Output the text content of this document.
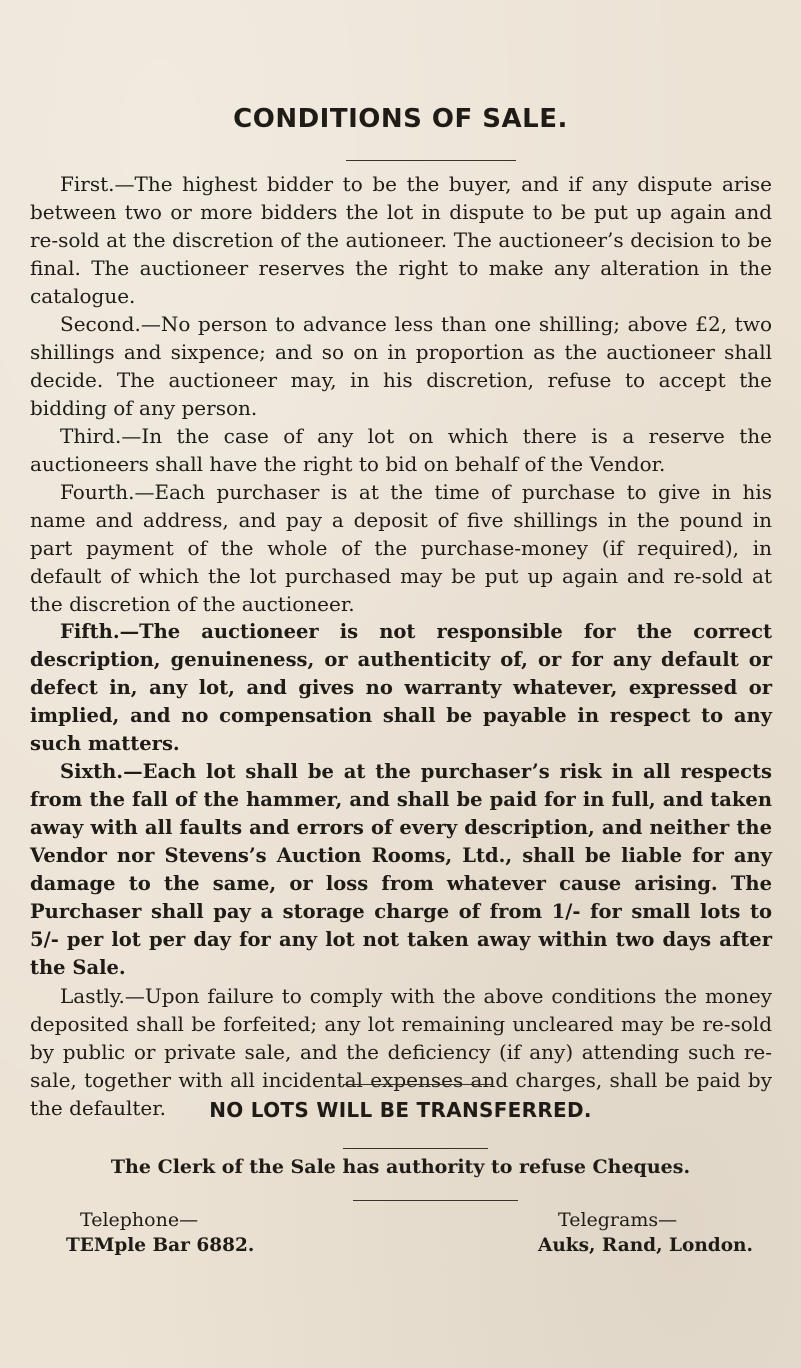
CONDITIONS OF SALE.

First.—The highest bidder to be the buyer, and if any dispute arise between two or more bidders the lot in dispute to be put up again and re-sold at the discretion of the autioneer. The auctioneer’s decision to be final. The auctioneer reserves the right to make any alteration in the catalogue.

Second.—No person to advance less than one shilling; above £2, two shillings and sixpence; and so on in proportion as the auctioneer shall decide. The auctioneer may, in his discretion, refuse to accept the bidding of any person.

Third.—In the case of any lot on which there is a reserve the auctioneers shall have the right to bid on behalf of the Vendor.

Fourth.—Each purchaser is at the time of purchase to give in his name and address, and pay a deposit of five shillings in the pound in part payment of the whole of the purchase-money (if required), in default of which the lot purchased may be put up again and re-sold at the discretion of the auctioneer.

Fifth.—The auctioneer is not responsible for the correct description, genuineness, or authenticity of, or for any default or defect in, any lot, and gives no warranty whatever, expressed or implied, and no compensation shall be payable in respect to any such matters.

Sixth.—Each lot shall be at the purchaser’s risk in all respects from the fall of the hammer, and shall be paid for in full, and taken away with all faults and errors of every description, and neither the Vendor nor Stevens’s Auction Rooms, Ltd., shall be liable for any damage to the same, or loss from whatever cause arising. The Purchaser shall pay a storage charge of from 1/- for small lots to 5/- per lot per day for any lot not taken away within two days after the Sale.

Lastly.—Upon failure to comply with the above conditions the money deposited shall be forfeited; any lot remaining uncleared may be re-sold by public or private sale, and the deficiency (if any) attending such re-sale, together with all incidental expenses and charges, shall be paid by the defaulter.	NO LOTS WILL BE TRANSFERRED.

The Clerk of the Sale has authority to refuse Cheques.

Telephone—
TEMple Bar 6882.
Telegrams—
Auks, Rand, London.
